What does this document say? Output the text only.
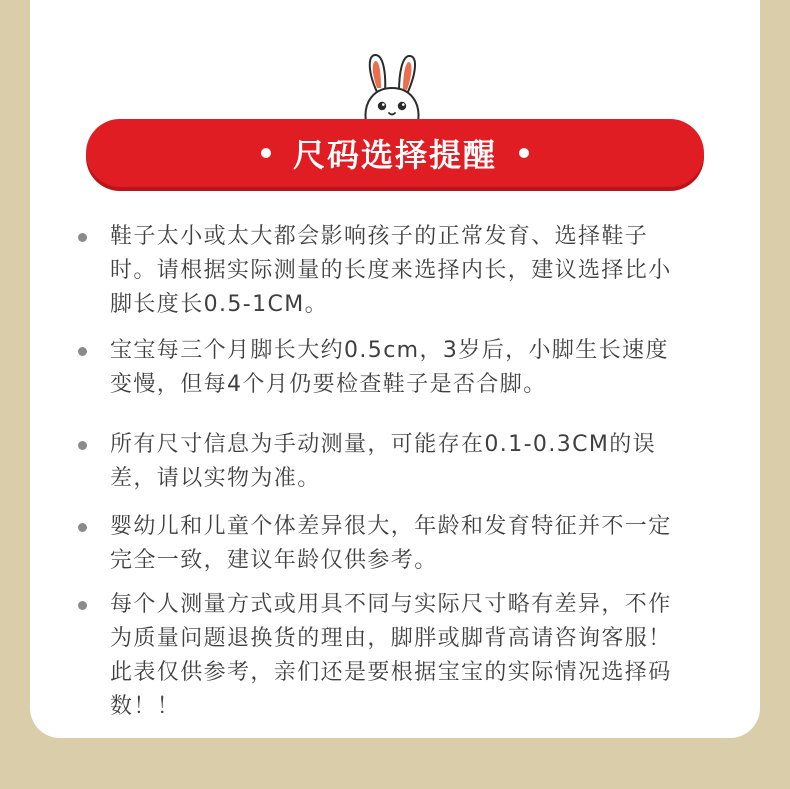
尺码选择提醒
鞋子太小或太大都会影响孩子的正常发育、选择鞋子
时。请根据实际测量的长度来选择内长，建议选择比小
脚长度长0.5-1CM。
宝宝每三个月脚长大约0.5cm，3岁后，小脚生长速度
变慢，但每4个月仍要检查鞋子是否合脚。
所有尺寸信息为手动测量，可能存在0.1-0.3CM的误
差，请以实物为准。
婴幼儿和儿童个体差异很大，年龄和发育特征并不一定
完全一致，建议年龄仅供参考。
每个人测量方式或用具不同与实际尺寸略有差异，不作
为质量问题退换货的理由，脚胖或脚背高请咨询客服！
此表仅供参考，亲们还是要根据宝宝的实际情况选择码
数！！
